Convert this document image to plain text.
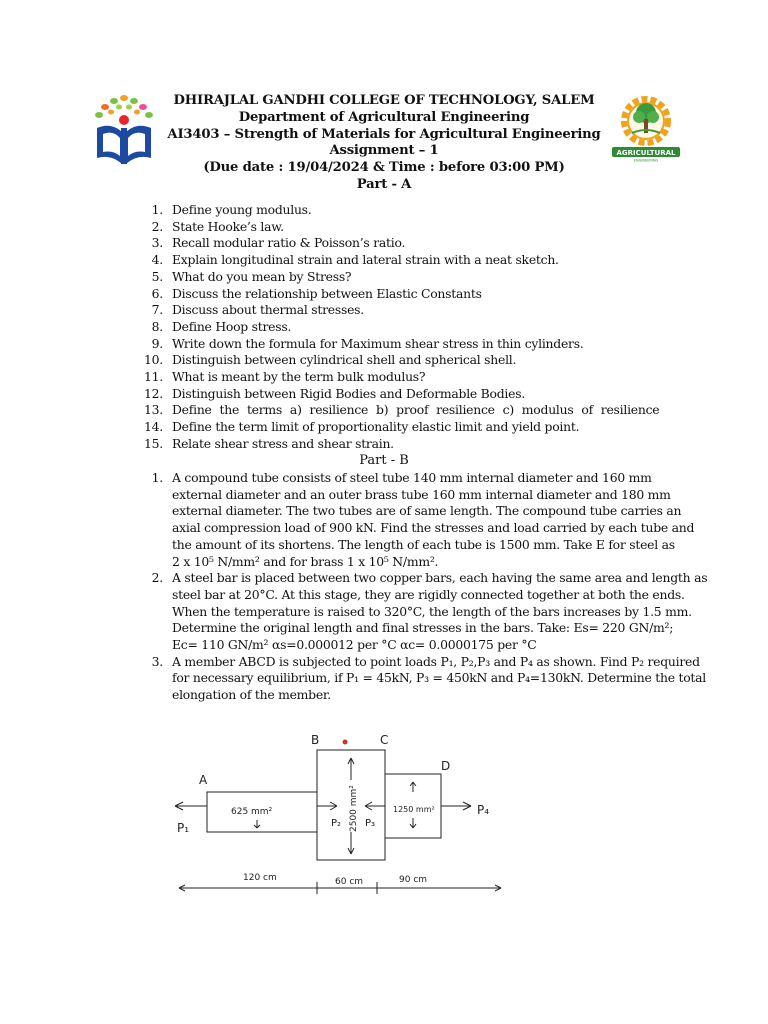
AGRICULTURAL
ENGINEERING
DHIRAJLAL GANDHI COLLEGE OF TECHNOLOGY, SALEM
Department of Agricultural Engineering
AI3403 – Strength of Materials for Agricultural Engineering
Assignment – 1
(Due date : 19/04/2024 & Time : before 03:00 PM)
Part - A
1. Define young modulus.
2. State Hooke’s law.
3. Recall modular ratio & Poisson’s ratio.
4. Explain longitudinal strain and lateral strain with a neat sketch.
5. What do you mean by Stress?
6. Discuss the relationship between Elastic Constants
7. Discuss about thermal stresses.
8. Define Hoop stress.
9. Write down the formula for Maximum shear stress in thin cylinders.
10. Distinguish between cylindrical shell and spherical shell.
11. What is meant by the term bulk modulus?
12. Distinguish between Rigid Bodies and Deformable Bodies.
13. Define the terms a) resilience b) proof resilience c) modulus of resilience
14. Define the term limit of proportionality elastic limit and yield point.
15. Relate shear stress and shear strain.
Part - B
1. A compound tube consists of steel tube 140 mm internal diameter and 160 mm
external diameter and an outer brass tube 160 mm internal diameter and 180 mm
external diameter. The two tubes are of same length. The compound tube carries an
axial compression load of 900 kN. Find the stresses and load carried by each tube and
the amount of its shortens. The length of each tube is 1500 mm. Take E for steel as
2 x 10⁵ N/mm² and for brass 1 x 10⁵ N/mm².
2. A steel bar is placed between two copper bars, each having the same area and length as
steel bar at 20°C. At this stage, they are rigidly connected together at both the ends.
When the temperature is raised to 320°C, the length of the bars increases by 1.5 mm.
Determine the original length and final stresses in the bars. Take: Es= 220 GN/m²;
Ec= 110 GN/m² αs=0.000012 per °C αc= 0.0000175 per °C
3. A member ABCD is subjected to point loads P₁, P₂,P₃ and P₄ as shown. Find P₂ required
for necessary equilibrium, if P₁ = 45kN, P₃ = 450kN and P₄=130kN. Determine the total
elongation of the member.
A
B	C
D
P₁
P₄
P₂ P₃
625 mm²	1250 mm²
2500 mm²
120 cm	60 cm	90 cm
